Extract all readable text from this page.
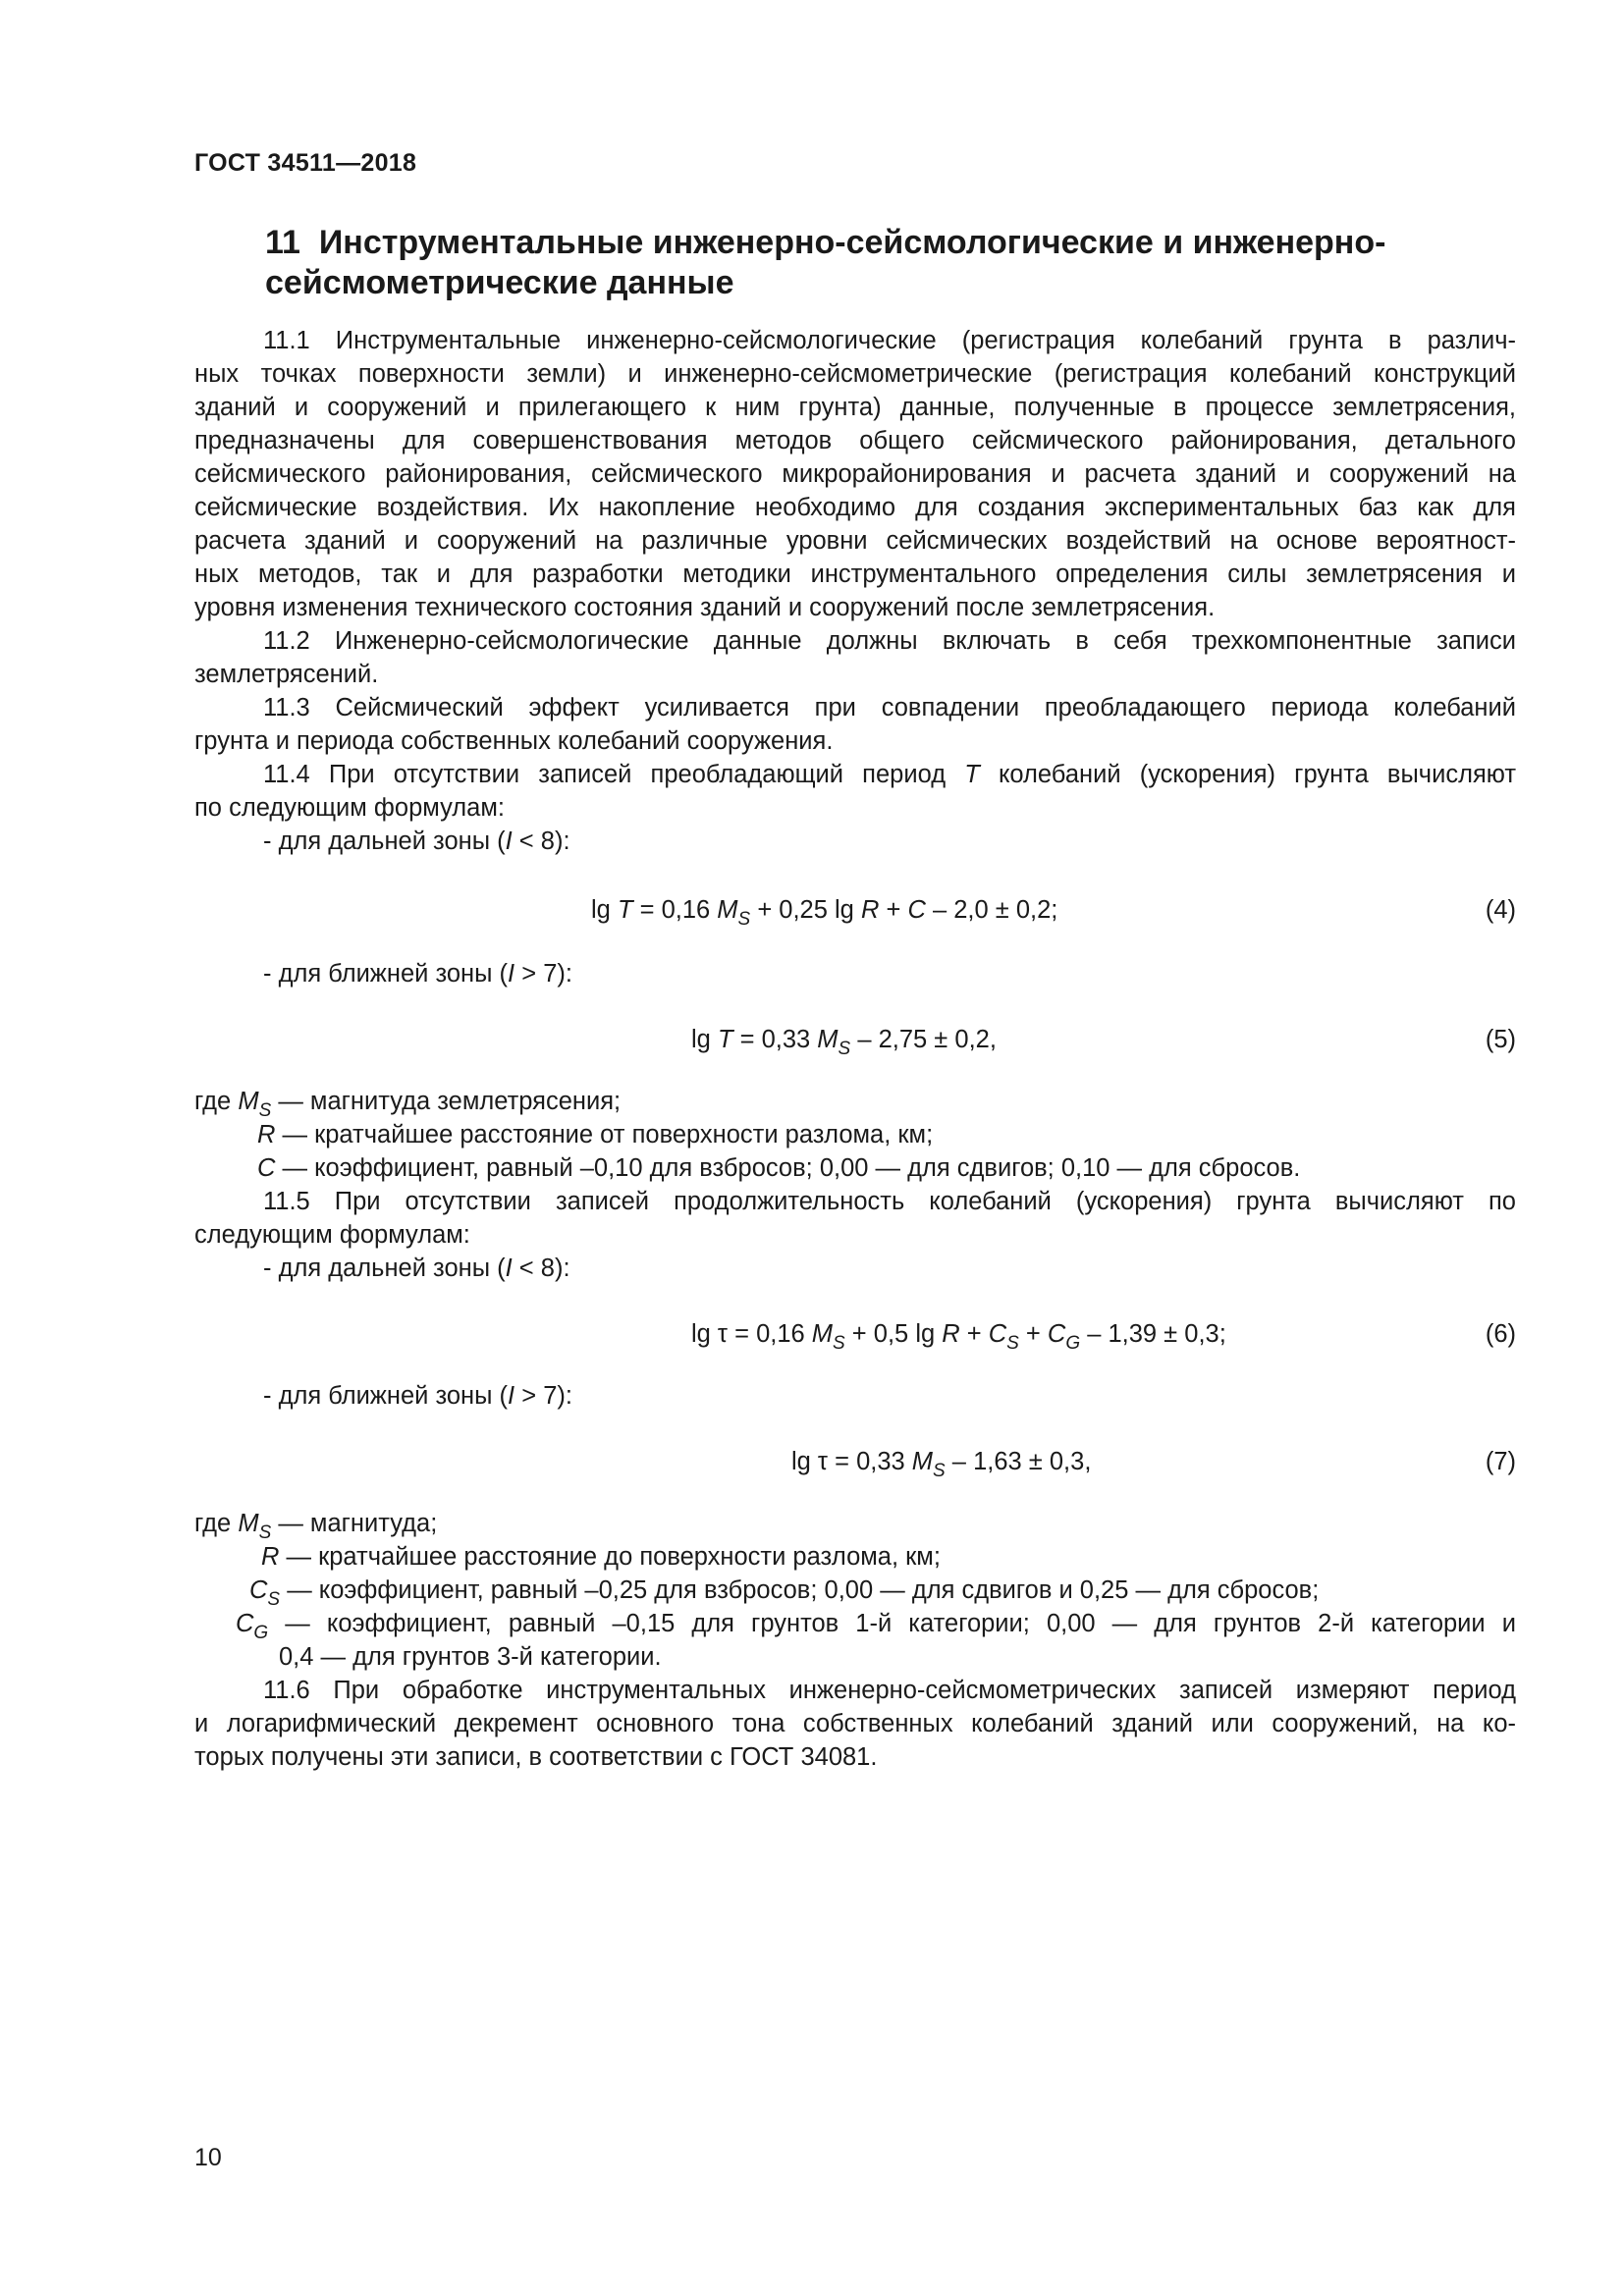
ГОСТ 34511—2018
11 Инструментальные инженерно-сейсмологические и инженерно-
сейсмометрические данные
11.1 Инструментальные инженерно-сейсмологические (регистрация колебаний грунта в различ-
ных точках поверхности земли) и инженерно-сейсмометрические (регистрация колебаний конструкций
зданий и сооружений и прилегающего к ним грунта) данные, полученные в процессе землетрясения,
предназначены для совершенствования методов общего сейсмического районирования, детального
сейсмического районирования, сейсмического микрорайонирования и расчета зданий и сооружений на
сейсмические воздействия. Их накопление необходимо для создания экспериментальных баз как для
расчета зданий и сооружений на различные уровни сейсмических воздействий на основе вероятност-
ных методов, так и для разработки методики инструментального определения силы землетрясения и
уровня изменения технического состояния зданий и сооружений после землетрясения.
11.2 Инженерно-сейсмологические данные должны включать в себя трехкомпонентные записи
землетрясений.
11.3 Сейсмический эффект усиливается при совпадении преобладающего периода колебаний
грунта и периода собственных колебаний сооружения.
11.4 При отсутствии записей преобладающий период T колебаний (ускорения) грунта вычисляют
по следующим формулам:
- для дальней зоны (I < 8):
lg T = 0,16 $M_S + 0,25$ lg R + C – 2,0 ± 0,2;	(4)
- для ближней зоны (I > 7):
lg T = 0,33 $M_S - 2,75 \pm 0,2$,	(5)
где $M_S$ — магнитуда землетрясения;
R — кратчайшее расстояние от поверхности разлома, км;
C — коэффициент, равный –0,10 для взбросов; 0,00 — для сдвигов; 0,10 — для сбросов.
11.5 При отсутствии записей продолжительность колебаний (ускорения) грунта вычисляют по
следующим формулам:
- для дальней зоны (I < 8):
lg τ = 0,16 $M_S + 0,5$ $\lg R + C_S + C_G - 1,39 \pm 0,3$;	(6)
- для ближней зоны (I > 7):
lg τ = 0,33 $M_S - 1,63 \pm 0,3$,	(7)
где $M_S$ — магнитуда;
R — кратчайшее расстояние до поверхности разлома, км;
$C_S$ — коэффициент, равный –0,25 для взбросов; 0,00 — для сдвигов и 0,25 — для сбросов;
$C_G$ — коэффициент, равный –0,15 для грунтов 1-й категории; 0,00 — для грунтов 2-й категории и
0,4 — для грунтов 3-й категории.
11.6 При обработке инструментальных инженерно-сейсмометрических записей измеряют период
и логарифмический декремент основного тона собственных колебаний зданий или сооружений, на ко-
торых получены эти записи, в соответствии с ГОСТ 34081.
10
